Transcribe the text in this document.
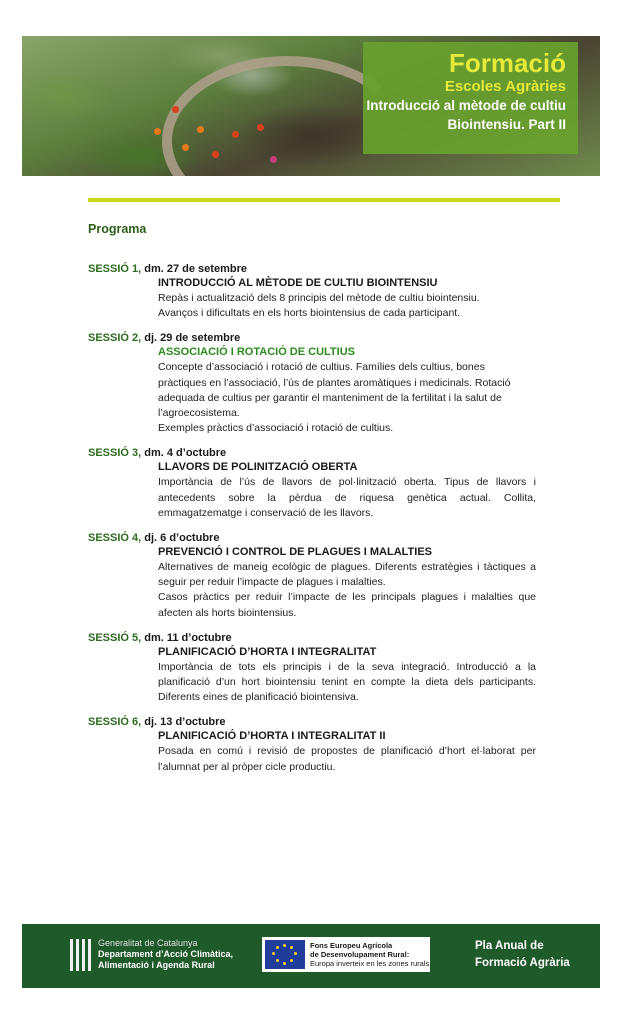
Formació
Escoles Agràries
Introducció al mètode de cultiu
Biointensiu. Part II
Programa
SESSIÓ 1, dm. 27 de setembre
INTRODUCCIÓ AL MÈTODE DE CULTIU BIOINTENSIU

Repàs i actualització dels 8 principis del mètode de cultiu biointensiu.

Avanços i dificultats en els horts biointensius de cada participant.

SESSIÓ 2, dj. 29 de setembre
ASSOCIACIÓ I ROTACIÓ DE CULTIUS

Concepte d’associació i rotació de cultius. Famílies dels cultius, bones pràctiques en l’associació, l’ús de plantes aromàtiques i medicinals. Rotació adequada de cultius per garantir el manteniment de la fertilitat i la salut de l’agroecosistema.

Exemples pràctics d’associació i rotació de cultius.

SESSIÓ 3, dm. 4 d’octubre
LLAVORS DE POLINITZACIÓ OBERTA

Importància de l’ús de llavors de pol·linització oberta. Tipus de llavors i antecedents sobre la pèrdua de riquesa genètica actual. Collita, emmagatzematge i conservació de les llavors.

SESSIÓ 4, dj. 6 d’octubre
PREVENCIÓ I CONTROL DE PLAGUES I MALALTIES

Alternatives de maneig ecològic de plagues. Diferents estratègies i tàctiques a seguir per reduir l’impacte de plagues i malalties.

Casos pràctics per reduir l’impacte de les principals plagues i malalties que afecten als horts biointensius.

SESSIÓ 5, dm. 11 d’octubre
PLANIFICACIÓ D’HORTA I INTEGRALITAT

Importància de tots els principis i de la seva integració. Introducció a la planificació d’un hort biointensiu tenint en compte la dieta dels participants. Diferents eines de planificació biointensiva.

SESSIÓ 6, dj. 13 d’octubre
PLANIFICACIÓ D’HORTA I INTEGRALITAT II

Posada en comú i revisió de propostes de planificació d’hort el·laborat per l’alumnat per al pròper cicle productiu.

Generalitat de Catalunya
Departament d’Acció Climàtica,
Alimentació i Agenda Rural
Fons Europeu Agrícola
de Desenvolupament Rural:
Europa inverteix en les zones rurals
Pla Anual de
Formació Agrària
